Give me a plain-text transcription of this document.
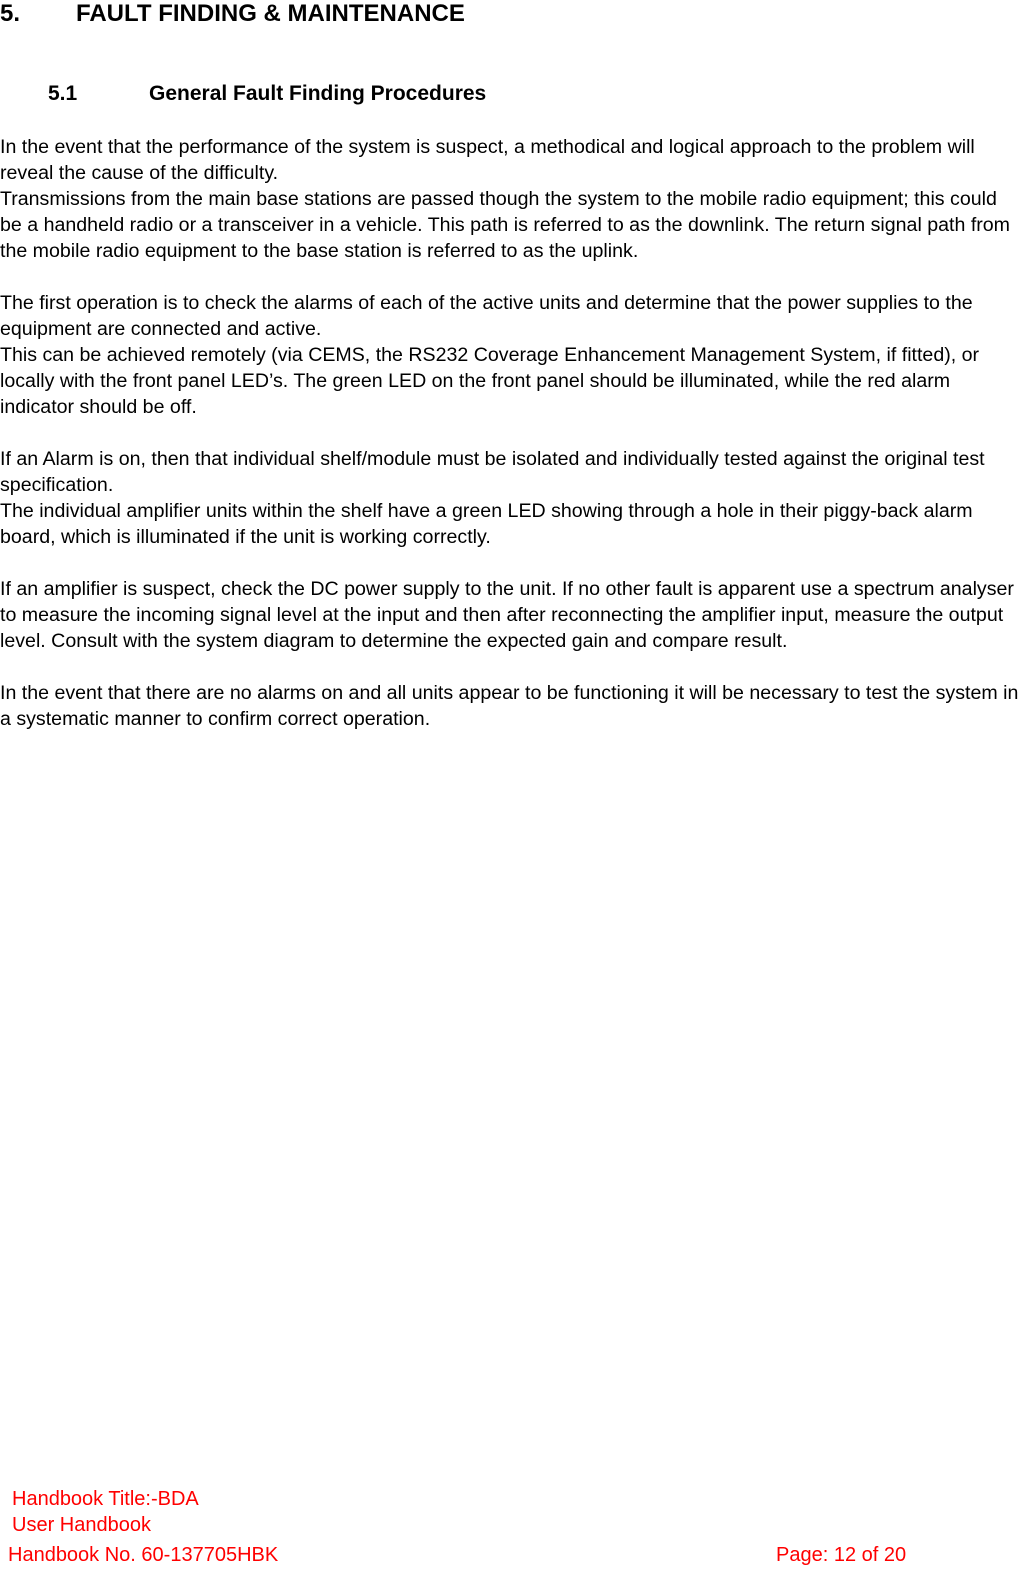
5. FAULT FINDING & MAINTENANCE
5.1	General Fault Finding Procedures

In the event that the performance of the system is suspect, a methodical and logical approach to the problem will reveal the cause of the difficulty.

Transmissions from the main base stations are passed though the system to the mobile radio equipment; this could be a handheld radio or a transceiver in a vehicle. This path is referred to as the downlink. The return signal path from the mobile radio equipment to the base station is referred to as the uplink.

The first operation is to check the alarms of each of the active units and determine that the power supplies to the equipment are connected and active.

This can be achieved remotely (via CEMS, the RS232 Coverage Enhancement Management System, if fitted), or locally with the front panel LED’s. The green LED on the front panel should be illuminated, while the red alarm indicator should be off.

If an Alarm is on, then that individual shelf/module must be isolated and individually tested against the original test specification.

The individual amplifier units within the shelf have a green LED showing through a hole in their piggy-back alarm board, which is illuminated if the unit is working correctly.

If an amplifier is suspect, check the DC power supply to the unit. If no other fault is apparent use a spectrum analyser to measure the incoming signal level at the input and then after reconnecting the amplifier input, measure the output level. Consult with the system diagram to determine the expected gain and compare result.

In the event that there are no alarms on and all units appear to be functioning it will be necessary to test the system in a systematic manner to confirm correct operation.

Handbook Title:-BDA
User Handbook
Handbook No. 60-137705HBK	Page: 12 of 20
